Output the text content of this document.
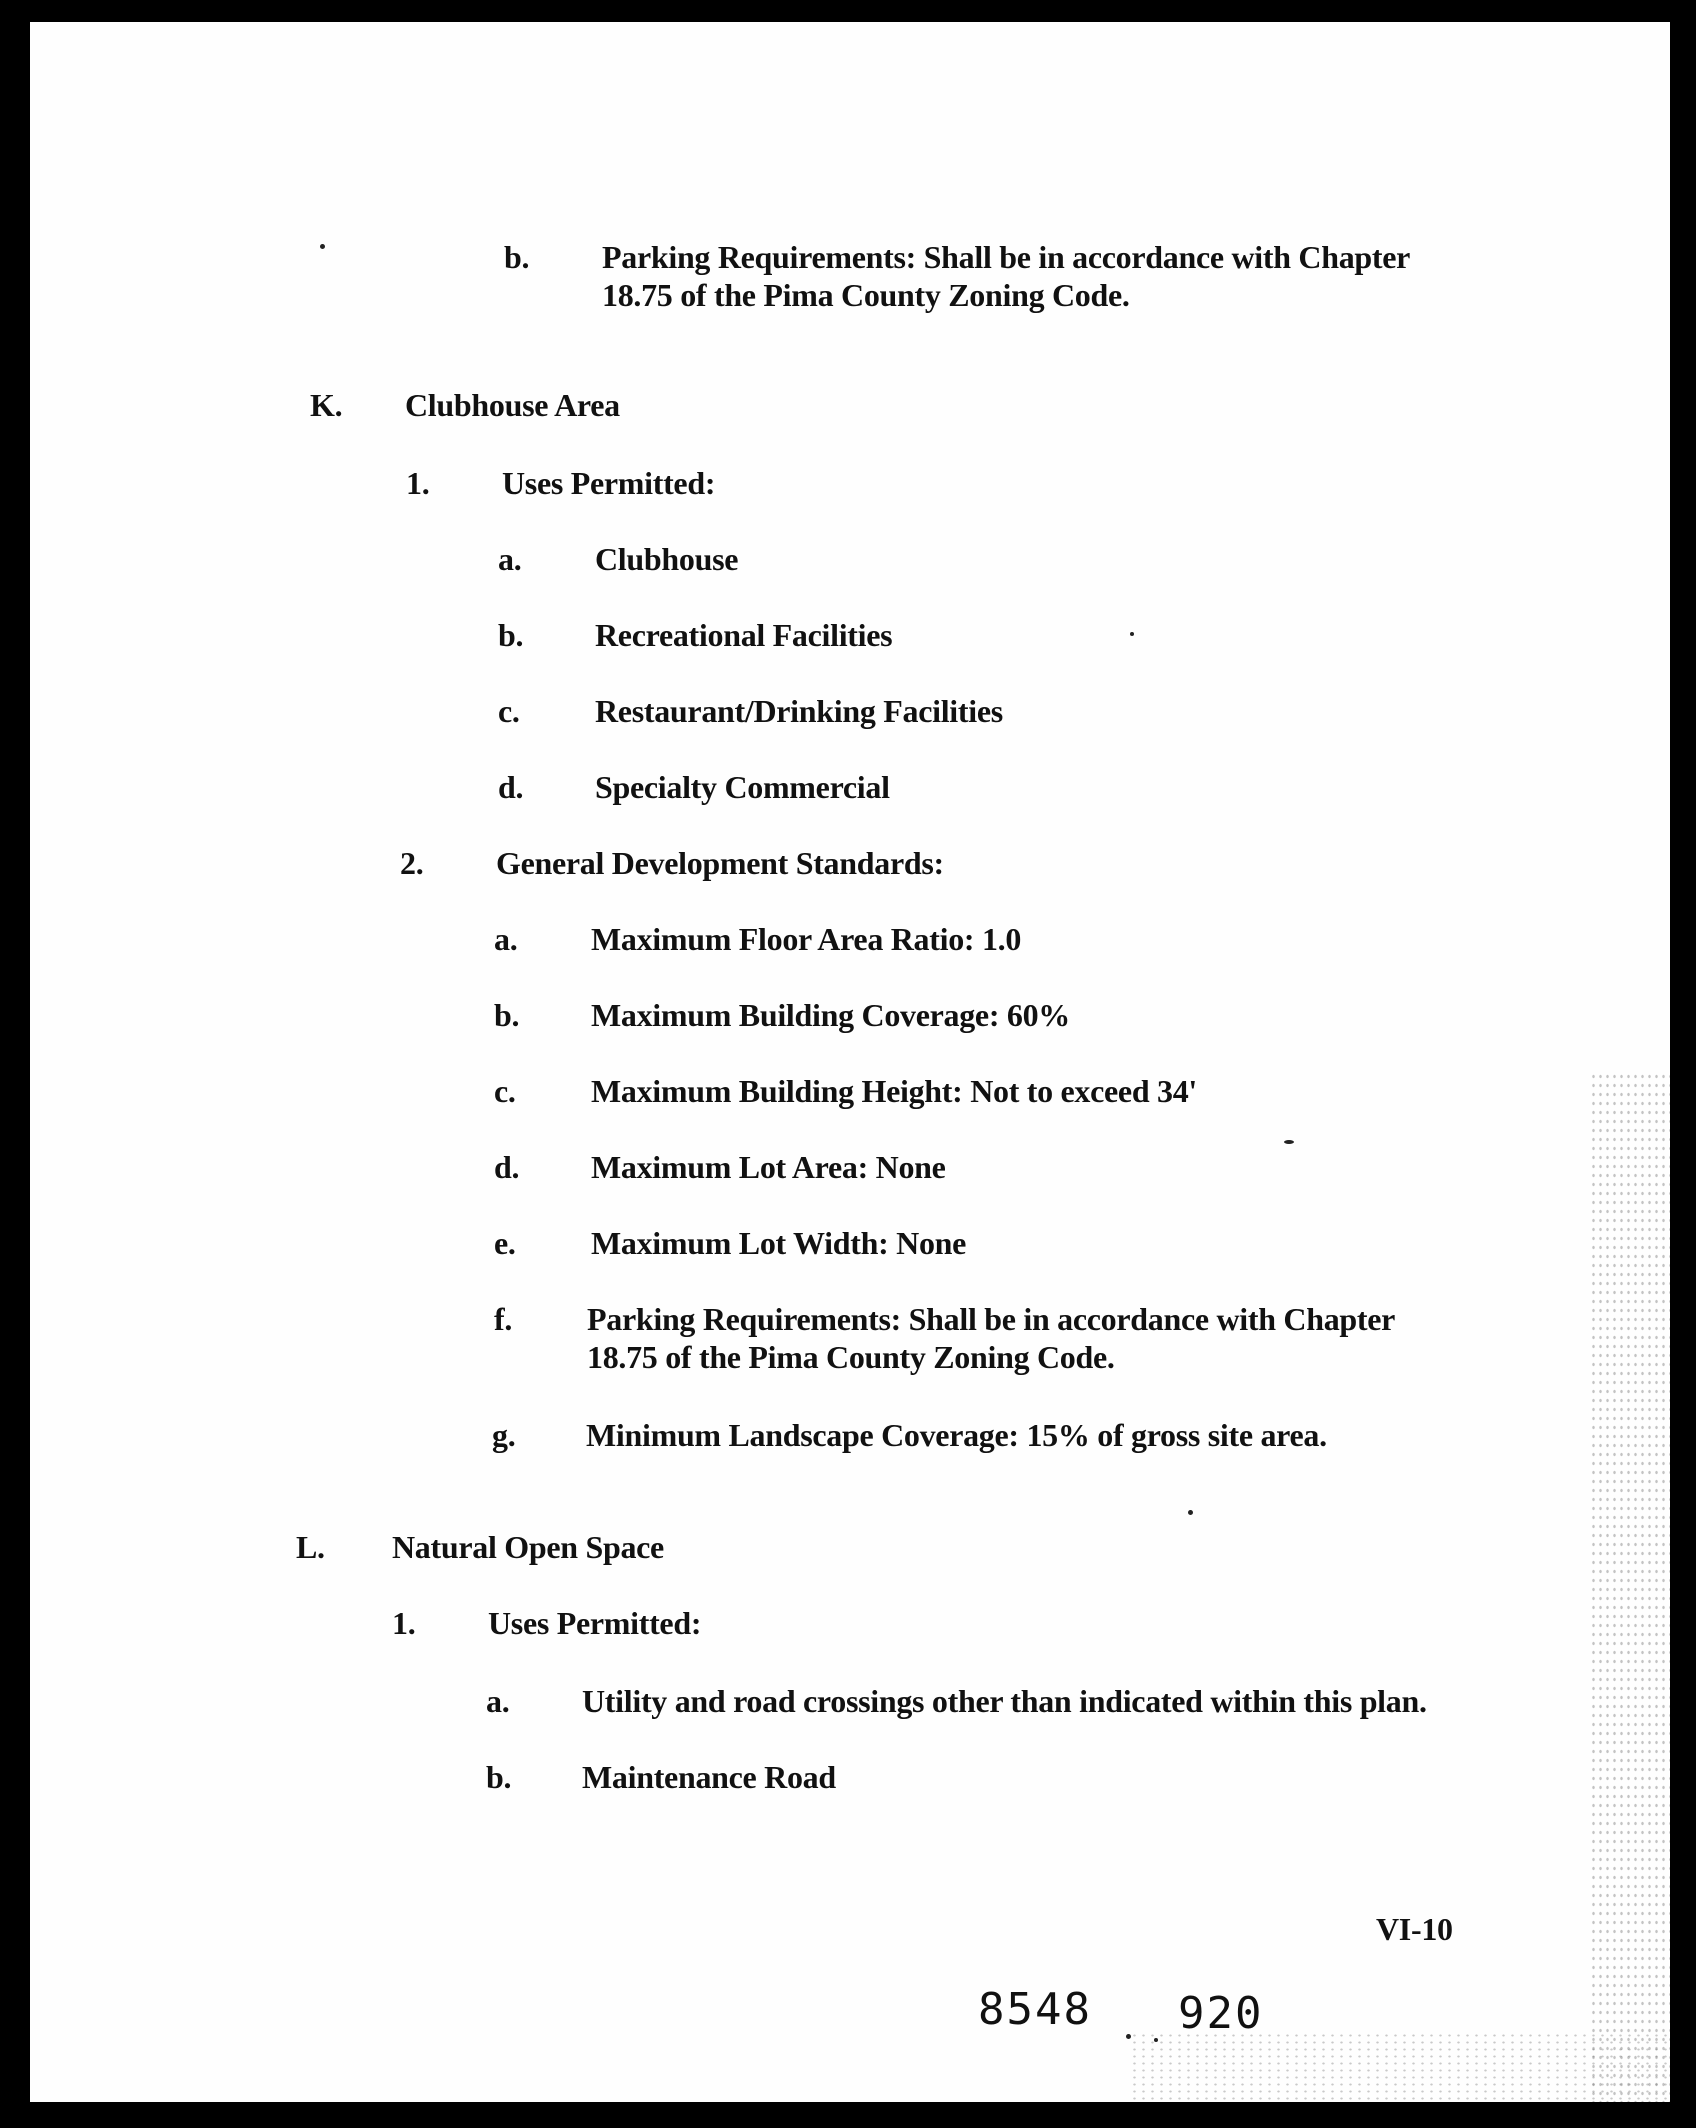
b. Parking Requirements: Shall be in accordance with Chapter
18.75 of the Pima County Zoning Code.
K. Clubhouse Area
1. Uses Permitted:
a. Clubhouse
b. Recreational Facilities
c. Restaurant/Drinking Facilities
d. Specialty Commercial
2. General Development Standards:
a. Maximum Floor Area Ratio: 1.0
b. Maximum Building Coverage: 60%
c. Maximum Building Height: Not to exceed 34'
d. Maximum Lot Area: None
e. Maximum Lot Width: None
f. Parking Requirements: Shall be in accordance with Chapter
18.75 of the Pima County Zoning Code.
g. Minimum Landscape Coverage: 15% of gross site area.
L. Natural Open Space
1. Uses Permitted:
a. Utility and road crossings other than indicated within this plan.
b. Maintenance Road
VI-10
8548 920
